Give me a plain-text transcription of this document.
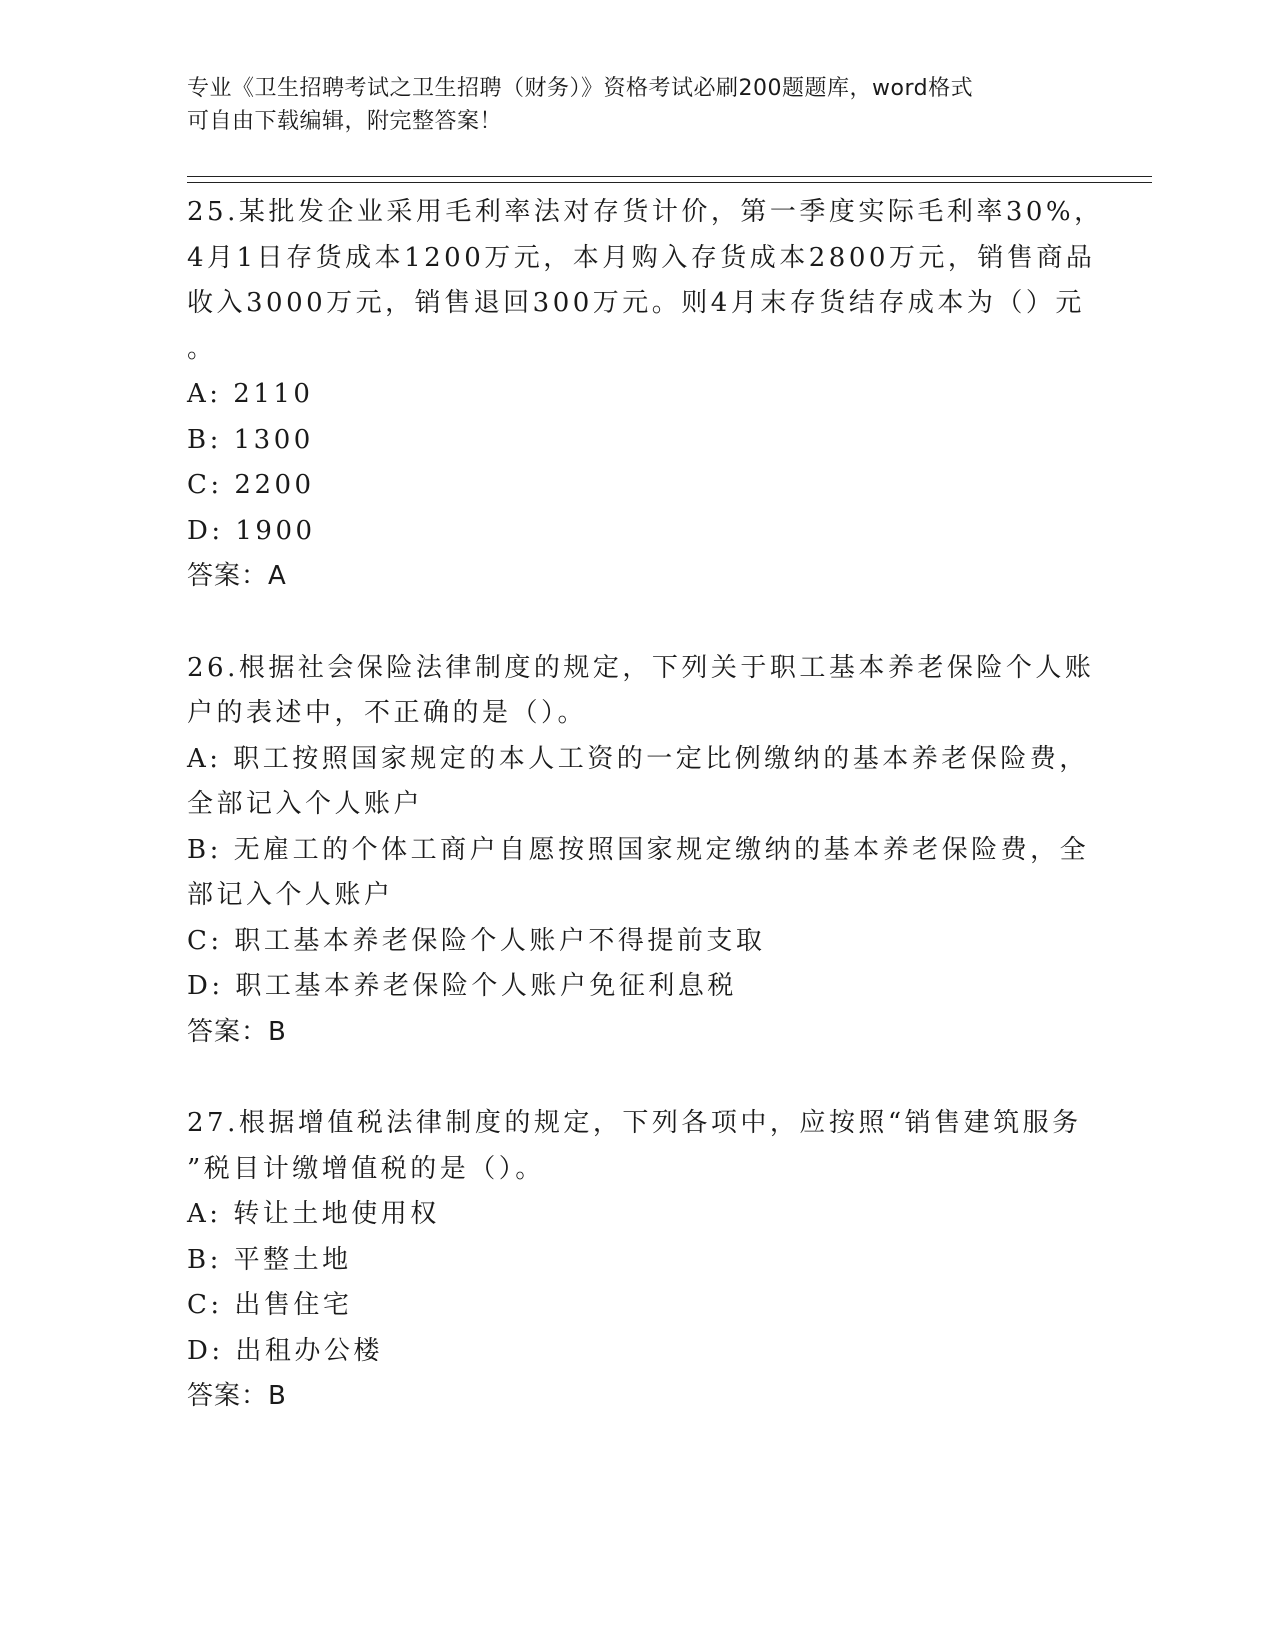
专业《卫生招聘考试之卫生招聘（财务）》资格考试必刷200题题库，word格式
可自由下载编辑，附完整答案！
25.某批发企业采用毛利率法对存货计价，第一季度实际毛利率30%，
4月1日存货成本1200万元，本月购入存货成本2800万元，销售商品
收入3000万元，销售退回300万元。则4月末存货结存成本为（）元
。
A: 2110
B: 1300
C: 2200
D: 1900
答案：A
26.根据社会保险法律制度的规定，下列关于职工基本养老保险个人账
户的表述中，不正确的是（）。
A: 职工按照国家规定的本人工资的一定比例缴纳的基本养老保险费，
全部记入个人账户
B: 无雇工的个体工商户自愿按照国家规定缴纳的基本养老保险费，全
部记入个人账户
C: 职工基本养老保险个人账户不得提前支取
D: 职工基本养老保险个人账户免征利息税
答案：B
27.根据增值税法律制度的规定，下列各项中，应按照“销售建筑服务
”税目计缴增值税的是（）。
A: 转让土地使用权
B: 平整土地
C: 出售住宅
D: 出租办公楼
答案：B
